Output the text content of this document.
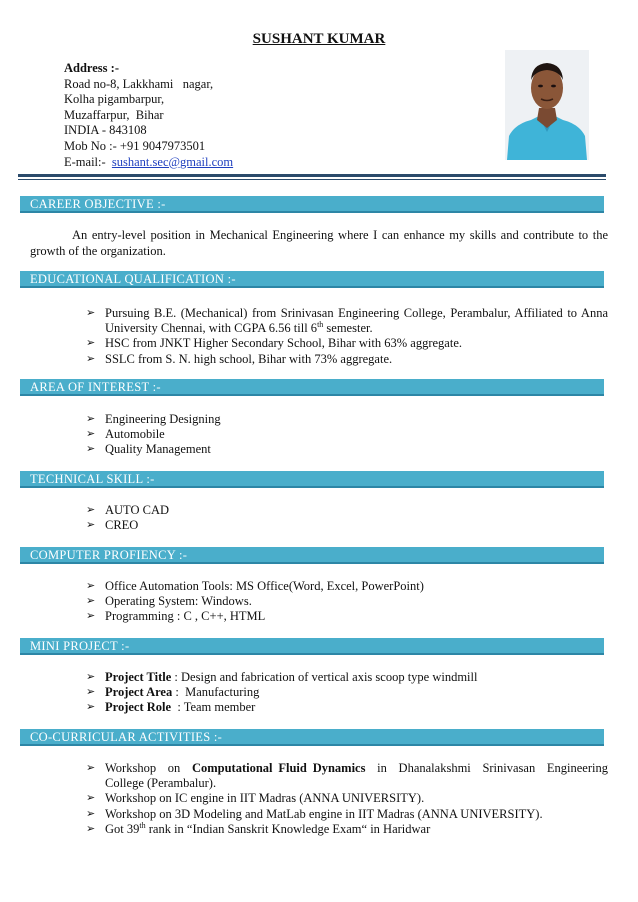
SUSHANT KUMAR
Address :-
Road no-8, Lakkhami   nagar,
Kolha pigambarpur,
Muzaffarpur,  Bihar
INDIA - 843108
Mob No :- +91 9047973501
E-mail:- sushant.sec@gmail.com
CAREER OBJECTIVE :-
An entry-level position in Mechanical Engineering where I can enhance my skills and contribute to the growth of the organization.
EDUCATIONAL QUALIFICATION :-
➢ Pursuing B.E. (Mechanical) from Srinivasan Engineering College, Perambalur, Affiliated to Anna University Chennai, with CGPA 6.56 till 6th semester.
➢ HSC from JNKT Higher Secondary School, Bihar with 63% aggregate.
➢ SSLC from S. N. high school, Bihar with 73% aggregate.
AREA OF INTEREST :-
➢ Engineering Designing
➢ Automobile
➢ Quality Management
TECHNICAL SKILL :-
➢ AUTO CAD
➢ CREO
COMPUTER PROFIENCY :-
➢ Office Automation Tools: MS Office(Word, Excel, PowerPoint)
➢ Operating System: Windows.
➢ Programming : C , C++, HTML
MINI PROJECT :-
➢ Project Title : Design and fabrication of vertical axis scoop type windmill
➢ Project Area :  Manufacturing
➢ Project Role  : Team member
CO-CURRICULAR ACTIVITIES :-
➢ Workshop  on  Computational Fluid Dynamics  in  Dhanalakshmi  Srinivasan  Engineering College (Perambalur).
➢ Workshop on IC engine in IIT Madras (ANNA UNIVERSITY).
➢ Workshop on 3D Modeling and MatLab engine in IIT Madras (ANNA UNIVERSITY).
➢ Got 39th rank in “Indian Sanskrit Knowledge Exam“ in Haridwar
